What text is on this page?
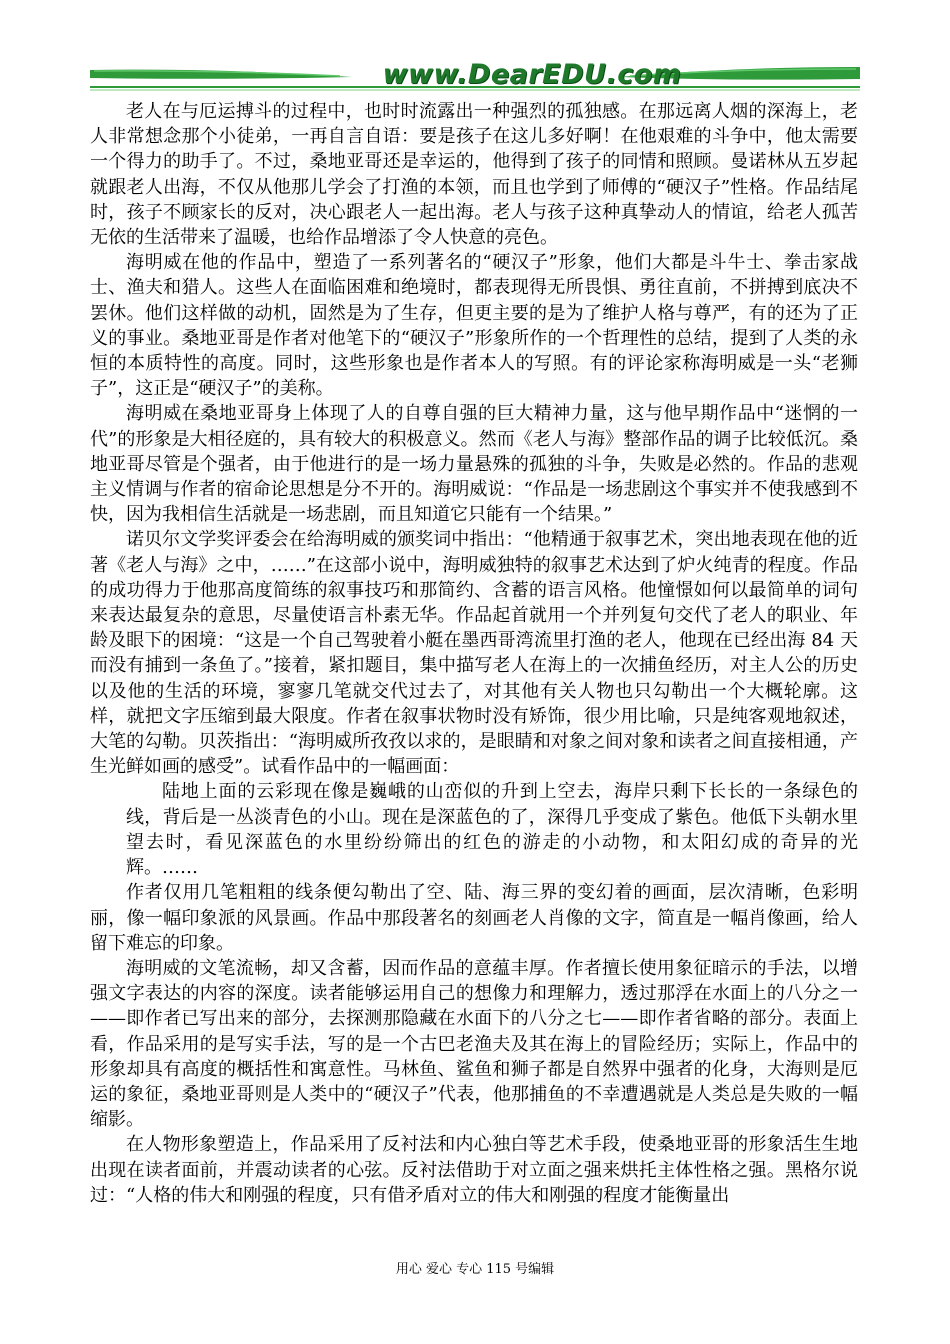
www.DearEDU.com

老人在与厄运搏斗的过程中，也时时流露出一种强烈的孤独感。在那远离人烟的深海上，老人非常想念那个小徒弟，一再自言自语：要是孩子在这儿多好啊！在他艰难的斗争中，他太需要一个得力的助手了。不过，桑地亚哥还是幸运的，他得到了孩子的同情和照顾。曼诺林从五岁起就跟老人出海，不仅从他那儿学会了打渔的本领，而且也学到了师傅的“硬汉子”性格。作品结尾时，孩子不顾家长的反对，决心跟老人一起出海。老人与孩子这种真挚动人的情谊，给老人孤苦无依的生活带来了温暖，也给作品增添了令人快意的亮色。

海明威在他的作品中，塑造了一系列著名的“硬汉子”形象，他们大都是斗牛士、拳击家战士、渔夫和猎人。这些人在面临困难和绝境时，都表现得无所畏惧、勇往直前，不拼搏到底决不罢休。他们这样做的动机，固然是为了生存，但更主要的是为了维护人格与尊严，有的还为了正义的事业。桑地亚哥是作者对他笔下的“硬汉子”形象所作的一个哲理性的总结，提到了人类的永恒的本质特性的高度。同时，这些形象也是作者本人的写照。有的评论家称海明威是一头“老狮子”，这正是“硬汉子”的美称。

海明威在桑地亚哥身上体现了人的自尊自强的巨大精神力量，这与他早期作品中“迷惘的一代”的形象是大相径庭的，具有较大的积极意义。然而《老人与海》整部作品的调子比较低沉。桑地亚哥尽管是个强者，由于他进行的是一场力量悬殊的孤独的斗争，失败是必然的。作品的悲观主义情调与作者的宿命论思想是分不开的。海明威说：“作品是一场悲剧这个事实并不使我感到不快，因为我相信生活就是一场悲剧，而且知道它只能有一个结果。”

诺贝尔文学奖评委会在给海明威的颁奖词中指出：“他精通于叙事艺术，突出地表现在他的近著《老人与海》之中，……”在这部小说中，海明威独特的叙事艺术达到了炉火纯青的程度。作品的成功得力于他那高度简练的叙事技巧和那简约、含蓄的语言风格。他憧憬如何以最简单的词句来表达最复杂的意思，尽量使语言朴素无华。作品起首就用一个并列复句交代了老人的职业、年龄及眼下的困境：“这是一个自己驾驶着小艇在墨西哥湾流里打渔的老人，他现在已经出海 84 天而没有捕到一条鱼了。”接着，紧扣题目，集中描写老人在海上的一次捕鱼经历，对主人公的历史以及他的生活的环境，寥寥几笔就交代过去了，对其他有关人物也只勾勒出一个大概轮廓。这样，就把文字压缩到最大限度。作者在叙事状物时没有矫饰，很少用比喻，只是纯客观地叙述，大笔的勾勒。贝茨指出：“海明威所孜孜以求的，是眼睛和对象之间对象和读者之间直接相通，产生光鲜如画的感受”。试看作品中的一幅画面：

陆地上面的云彩现在像是巍峨的山峦似的升到上空去，海岸只剩下长长的一条绿色的线，背后是一丛淡青色的小山。现在是深蓝色的了，深得几乎变成了紫色。他低下头朝水里望去时，看见深蓝色的水里纷纷筛出的红色的游走的小动物，和太阳幻成的奇异的光辉。……

作者仅用几笔粗粗的线条便勾勒出了空、陆、海三界的变幻着的画面，层次清晰，色彩明丽，像一幅印象派的风景画。作品中那段著名的刻画老人肖像的文字，简直是一幅肖像画，给人留下难忘的印象。

海明威的文笔流畅，却又含蓄，因而作品的意蕴丰厚。作者擅长使用象征暗示的手法，以增强文字表达的内容的深度。读者能够运用自己的想像力和理解力，透过那浮在水面上的八分之一——即作者已写出来的部分，去探测那隐藏在水面下的八分之七——即作者省略的部分。表面上看，作品采用的是写实手法，写的是一个古巴老渔夫及其在海上的冒险经历；实际上，作品中的形象却具有高度的概括性和寓意性。马林鱼、鲨鱼和狮子都是自然界中强者的化身，大海则是厄运的象征，桑地亚哥则是人类中的“硬汉子”代表，他那捕鱼的不幸遭遇就是人类总是失败的一幅缩影。

在人物形象塑造上，作品采用了反衬法和内心独白等艺术手段，使桑地亚哥的形象活生生地出现在读者面前，并震动读者的心弦。反衬法借助于对立面之强来烘托主体性格之强。黑格尔说过：“人格的伟大和刚强的程度，只有借矛盾对立的伟大和刚强的程度才能衡量出

用心 爱心 专心 115 号编辑
